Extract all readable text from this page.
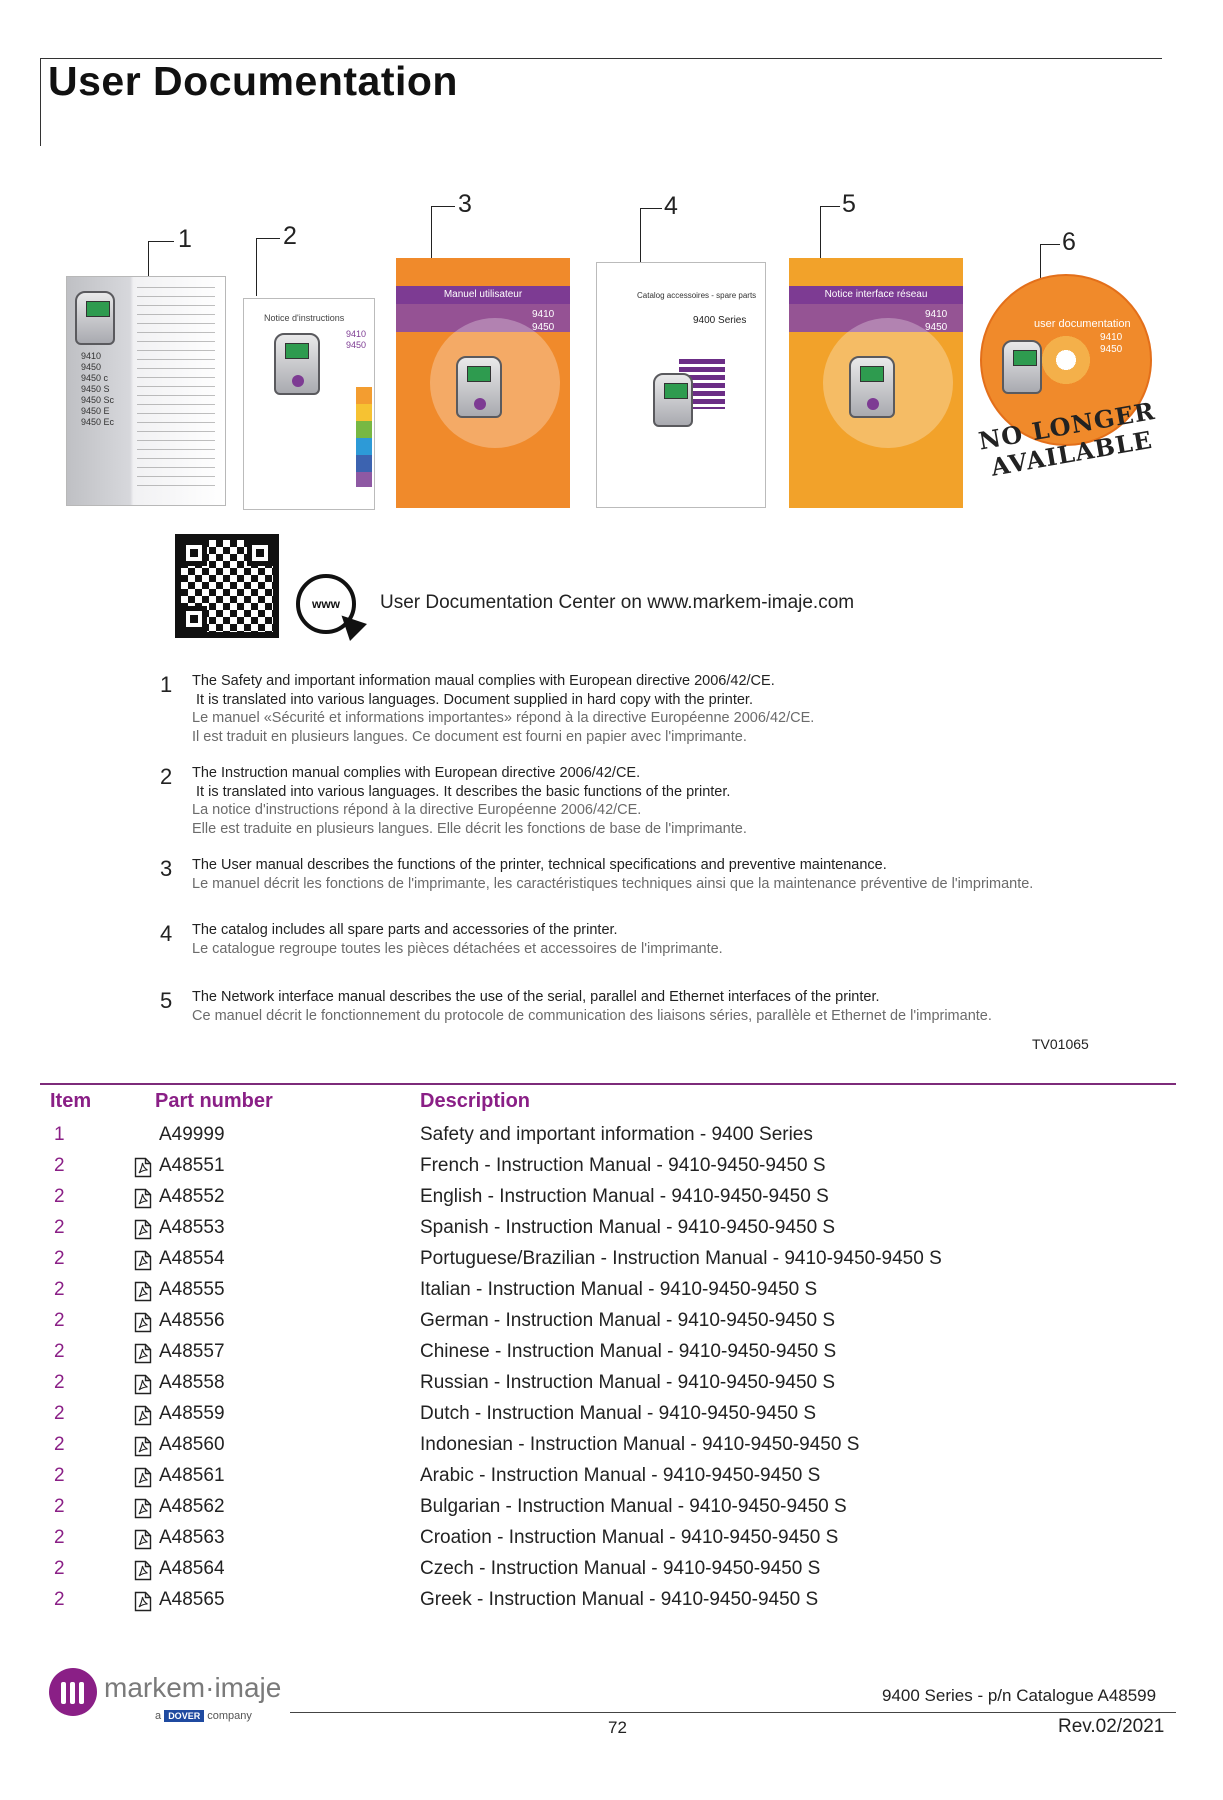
User Documentation
1	2
3	4	5
6
9410
9450
9450 c
9450 S
9450 Sc
9450 E
9450 Ec
Notice d'instructions
9410
9450
Manuel utilisateur
9410
9450
Catalog accessoires - spare parts
9400 Series
Notice interface réseau
9410
9450	user documentation
9410
9450
NO LONGER
AVAILABLE
www	User Documentation Center on www.markem-imaje.com
1 The Safety and important information maual complies with European directive 2006/42/CE.
It is translated into various languages. Document supplied in hard copy with the printer.
Le manuel «Sécurité et informations importantes» répond à la directive Européenne 2006/42/CE.
Il est traduit en plusieurs langues. Ce document est fourni en papier avec l'imprimante.
2 The Instruction manual complies with European directive 2006/42/CE.
It is translated into various languages. It describes the basic functions of the printer.
La notice d'instructions répond à la directive Européenne 2006/42/CE.
Elle est traduite en plusieurs langues. Elle décrit les fonctions de base de l'imprimante.
3 The User manual describes the functions of the printer, technical specifications and preventive maintenance.
Le manuel décrit les fonctions de l'imprimante, les caractéristiques techniques ainsi que la maintenance préventive de l'imprimante.
4 The catalog includes all spare parts and accessories of the printer.
Le catalogue regroupe toutes les pièces détachées et accessoires de l'imprimante.
5 The Network interface manual describes the use of the serial, parallel and Ethernet interfaces of the printer.
Ce manuel décrit le fonctionnement du protocole de communication des liaisons séries, parallèle et Ethernet de l'imprimante.
TV01065
Item	Part number	Description
1	A49999	Safety and important information - 9400 Series
2	A48551	French - Instruction Manual - 9410-9450-9450 S
2	A48552	English - Instruction Manual - 9410-9450-9450 S
2	A48553	Spanish - Instruction Manual - 9410-9450-9450 S
2	A48554	Portuguese/Brazilian - Instruction Manual - 9410-9450-9450 S
2	A48555	Italian - Instruction Manual - 9410-9450-9450 S
2	A48556	German - Instruction Manual - 9410-9450-9450 S
2	A48557	Chinese - Instruction Manual - 9410-9450-9450 S
2	A48558	Russian - Instruction Manual - 9410-9450-9450 S
2	A48559	Dutch - Instruction Manual - 9410-9450-9450 S
2	A48560	Indonesian - Instruction Manual - 9410-9450-9450 S
2	A48561	Arabic - Instruction Manual - 9410-9450-9450 S
2	A48562	Bulgarian - Instruction Manual - 9410-9450-9450 S
2	A48563	Croation - Instruction Manual - 9410-9450-9450 S
2	A48564	Czech - Instruction Manual - 9410-9450-9450 S
2	A48565	Greek - Instruction Manual - 9410-9450-9450 S
markem·imaje
a DOVER company
9400 Series - p/n Catalogue A48599
72	Rev.02/2021
